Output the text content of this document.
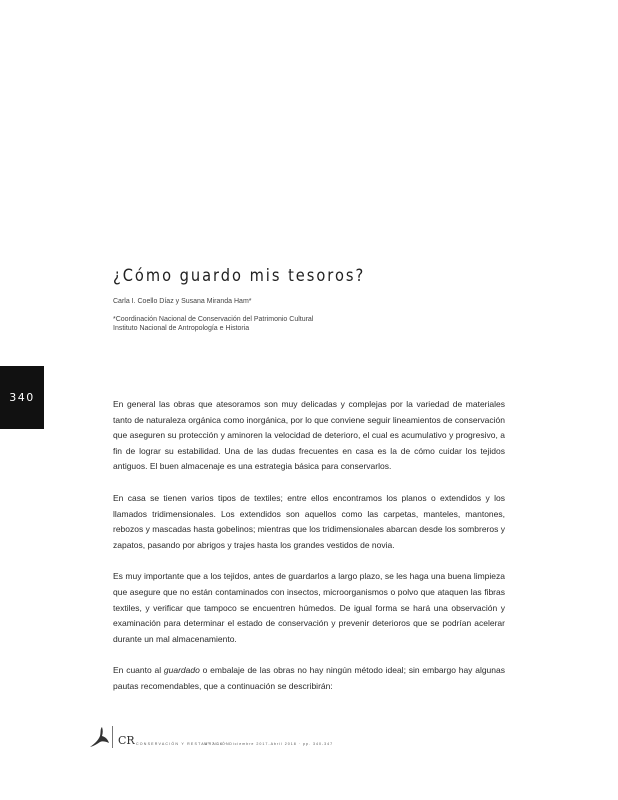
¿Cómo guardo mis tesoros?

Carla I. Coello Díaz y Susana Miranda Ham*

*Coordinación Nacional de Conservación del Patrimonio Cultural
Instituto Nacional de Antropología e Historia
340	En general las obras que atesoramos son muy delicadas y complejas por la variedad de materiales tanto de naturaleza orgánica como inorgánica, por lo que conviene seguir lineamientos de conservación que aseguren su protección y aminoren la velocidad de deterioro, el cual es acumulativo y progresivo, a fin de lograr su estabilidad. Una de las dudas frecuentes en casa es la de cómo cuidar los tejidos antiguos. El buen almacenaje es una estrategia básica para conservarlos.

En casa se tienen varios tipos de textiles; entre ellos encontramos los planos o extendidos y los llamados tridimensionales. Los extendidos son aquellos como las carpetas, manteles, mantones, rebozos y mascadas hasta gobelinos; mientras que los tridimensionales abarcan desde los sombreros y zapatos, pasando por abrigos y trajes hasta los grandes vestidos de novia.

Es muy importante que a los tejidos, antes de guardarlos a largo plazo, se les haga una buena limpieza que asegure que no están contaminados con insectos, microorganismos o polvo que ataquen las fibras textiles, y verificar que tampoco se encuentren húmedos. De igual forma se hará una observación y examinación para determinar el estado de conservación y prevenir deterioros que se podrían acelerar durante un mal almacenamiento.

En cuanto al guardado o embalaje de las obras no hay ningún método ideal; sin embargo hay algunas pautas recomendables, que a continuación se describirán:

CR CONSERVACIÓN Y RESTAURACIÓN
N° 7/14 · Diciembre 2017-Abril 2018 · pp. 340-347
